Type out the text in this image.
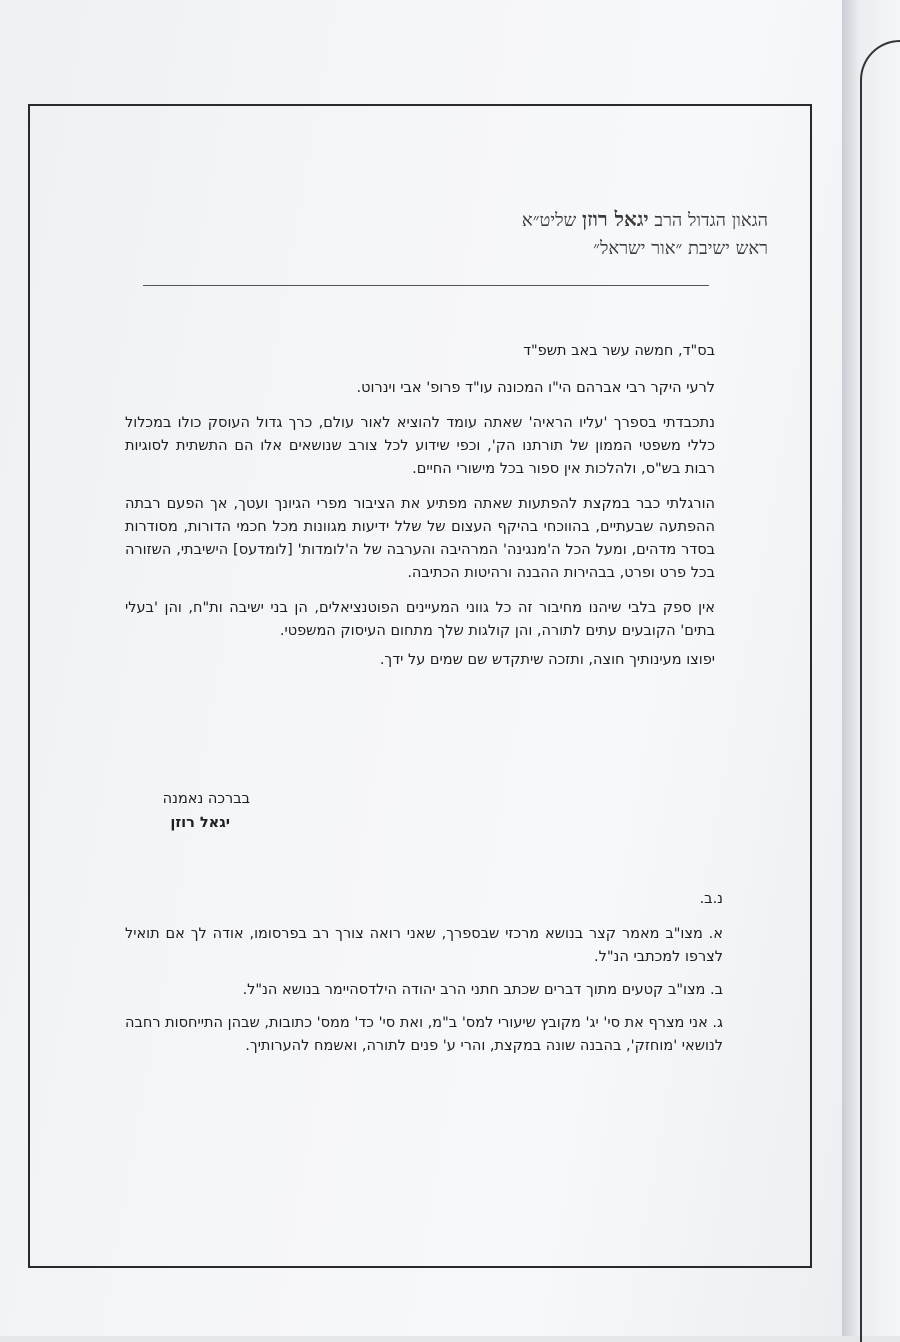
הגאון הגדול הרב יגאל רוזן שליט״א
ראש ישיבת ״אור ישראל״

בס"ד, חמשה עשר באב תשפ"ד

לרעי היקר רבי אברהם הי"ו המכונה עו"ד פרופ' אבי וינרוט.

נתכבדתי בספרך 'עליו הראיה' שאתה עומד להוציא לאור עולם, כרך גדול העוסק כולו במכלול כללי משפטי הממון של תורתנו הק', וכפי שידוע לכל צורב שנושאים אלו הם התשתית לסוגיות רבות בש"ס, ולהלכות אין ספור בכל מישורי החיים.

הורגלתי כבר במקצת להפתעות שאתה מפתיע את הציבור מפרי הגיונך ועטך, אך הפעם רבתה ההפתעה שבעתיים, בהווכחי בהיקף העצום של שלל ידיעות מגוונות מכל חכמי הדורות, מסודרות בסדר מדהים, ומעל הכל ה'מנגינה' המרהיבה והערבה של ה'לומדות' [לומדעס] הישיבתי, השזורה בכל פרט ופרט, בבהירות ההבנה ורהיטות הכתיבה.

אין ספק בלבי שיהנו מחיבור זה כל גווני המעיינים הפוטנציאלים, הן בני ישיבה ות"ח, והן 'בעלי בתים' הקובעים עתים לתורה, והן קולגות שלך מתחום העיסוק המשפטי.

יפוצו מעינותיך חוצה, ותזכה שיתקדש שם שמים על ידך.

בברכה נאמנה
יגאל רוזן

נ.ב.

א. מצו"ב מאמר קצר בנושא מרכזי שבספרך, שאני רואה צורך רב בפרסומו, אודה לך אם תואיל לצרפו למכתבי הנ"ל.

ב. מצו"ב קטעים מתוך דברים שכתב חתני הרב יהודה הילדסהיימר בנושא הנ"ל.

ג. אני מצרף את סי' יג' מקובץ שיעורי למס' ב"מ, ואת סי' כד' ממס' כתובות, שבהן התייחסות רחבה לנושאי 'מוחזק', בהבנה שונה במקצת, והרי ע' פנים לתורה, ואשמח להערותיך.
